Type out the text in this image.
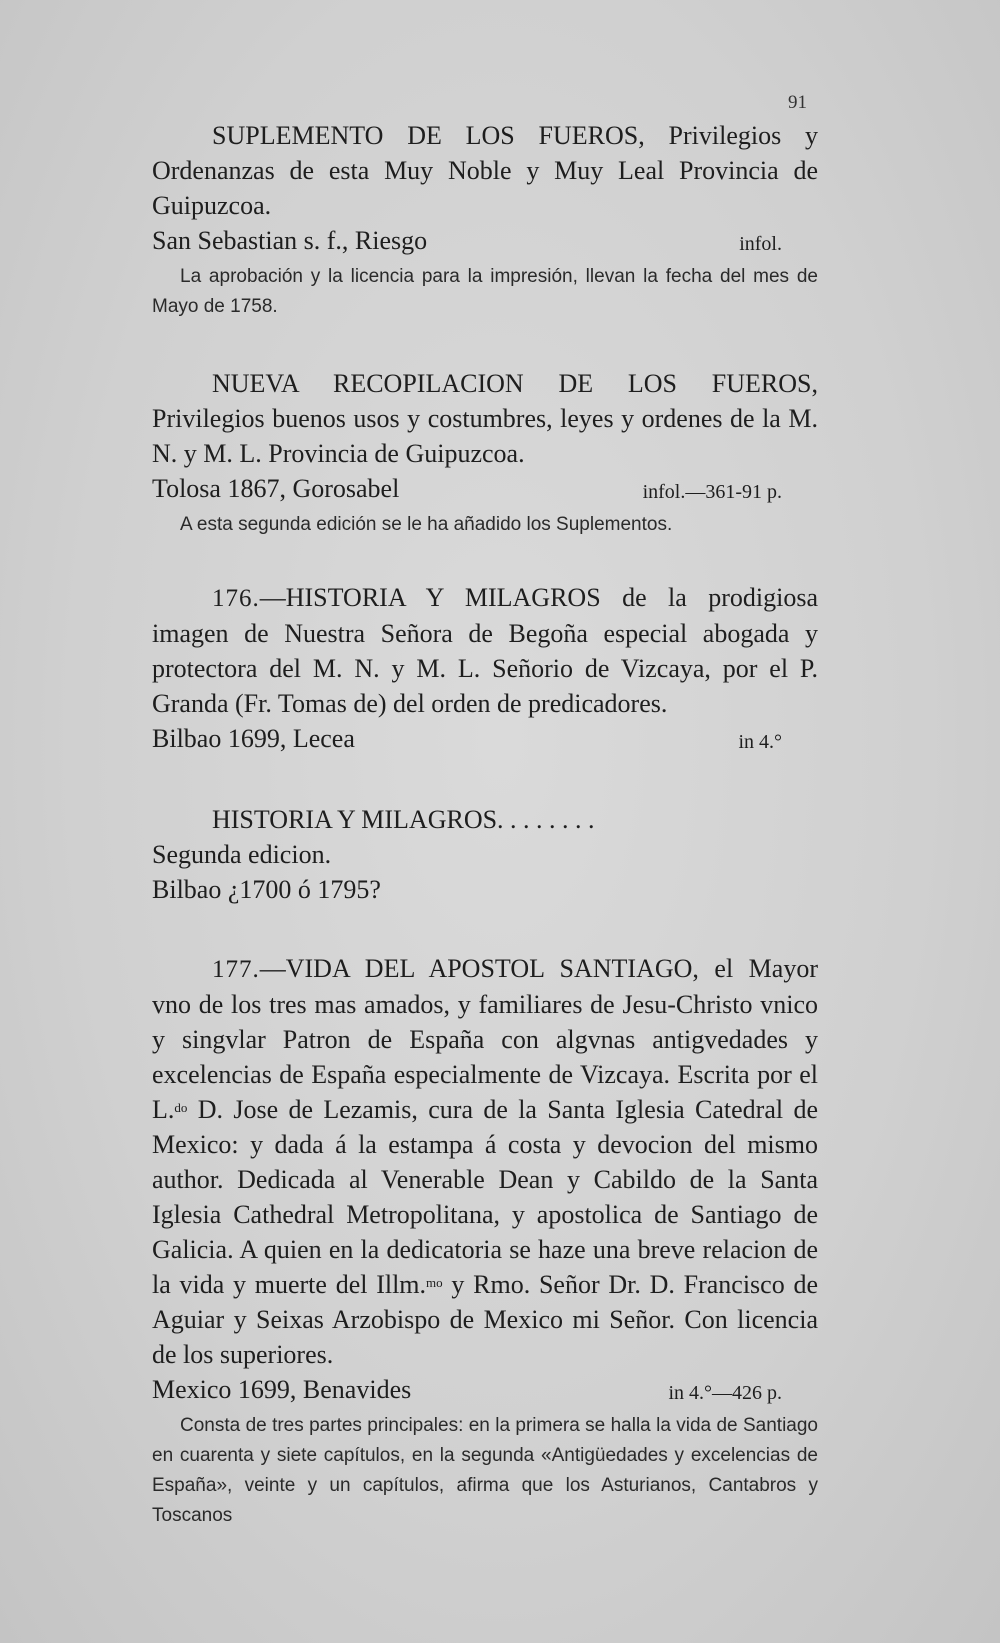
91

SUPLEMENTO DE LOS FUEROS, Privilegios y Ordenanzas de esta Muy Noble y Muy Leal Provincia de Guipuzcoa.

San Sebastian s. f., Riesgo	infol.

La aprobación y la licencia para la impresión, llevan la fecha del mes de Mayo de 1758.

NUEVA RECOPILACION DE LOS FUEROS, Privilegios buenos usos y costumbres, leyes y ordenes de la M. N. y M. L. Provincia de Guipuzcoa.

Tolosa 1867, Gorosabel	infol.—361-91 p.

A esta segunda edición se le ha añadido los Suplementos.

176.—HISTORIA Y MILAGROS de la prodigiosa imagen de Nuestra Señora de Begoña especial abogada y protectora del M. N. y M. L. Señorio de Vizcaya, por el P. Granda (Fr. Tomas de) del orden de predicadores.

Bilbao 1699, Lecea	in 4.°

HISTORIA Y MILAGROS. . . . . . . .

Segunda edicion.

Bilbao ¿1700 ó 1795?

177.—VIDA DEL APOSTOL SANTIAGO, el Mayor vno de los tres mas amados, y familiares de Jesu-Christo vnico y singvlar Patron de España con algvnas antigvedades y excelencias de España especialmente de Vizcaya. Escrita por el L.$^{do}$ D. Jose de Lezamis, cura de la Santa Iglesia Catedral de Mexico: y dada á la estampa á costa y devocion del mismo author. Dedicada al Venerable Dean y Cabildo de la Santa Iglesia Cathedral Metropolitana, y apostolica de Santiago de Galicia. A quien en la dedicatoria se haze una breve relacion de la vida y muerte del Illm.$^{mo}$ y Rmo. Señor Dr. D. Francisco de Aguiar y Seixas Arzobispo de Mexico mi Señor. Con licencia de los superiores.

Mexico 1699, Benavides	in 4.°—426 p.

Consta de tres partes principales: en la primera se halla la vida de Santiago en cuarenta y siete capítulos, en la segunda «Antigüedades y excelencias de España», veinte y un capítulos, afirma que los Asturianos, Cantabros y Toscanos
